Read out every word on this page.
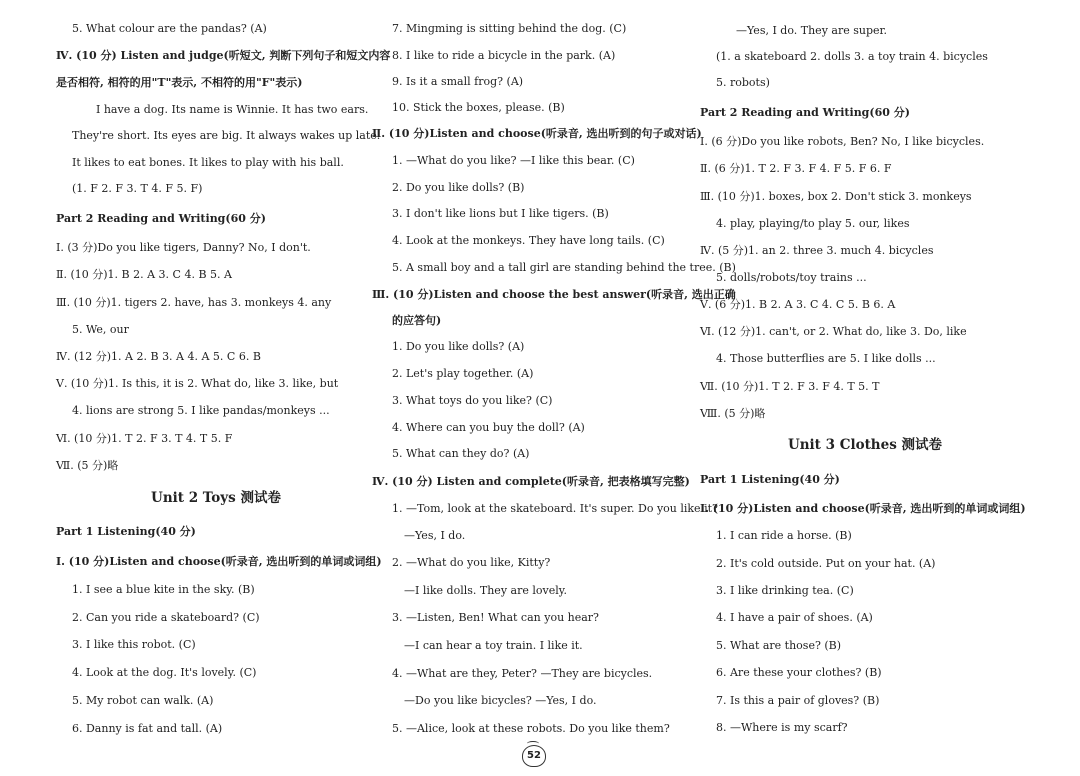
5. What colour are the pandas? (A)
Ⅳ. (10 分) Listen and judge(听短文, 判断下列句子和短文内容
是否相符, 相符的用"T"表示, 不相符的用"F"表示)
I have a dog. Its name is Winnie. It has two ears.
They're short. Its eyes are big. It always wakes up late.
It likes to eat bones. It likes to play with his ball.
(1. F 2. F 3. T 4. F 5. F)
Part 2 Reading and Writing(60 分)
Ⅰ. (3 分)Do you like tigers, Danny? No, I don't.
Ⅱ. (10 分)1. B 2. A 3. C 4. B 5. A
Ⅲ. (10 分)1. tigers 2. have, has 3. monkeys 4. any
5. We, our
Ⅳ. (12 分)1. A 2. B 3. A 4. A 5. C 6. B
Ⅴ. (10 分)1. Is this, it is 2. What do, like 3. like, but
4. lions are strong 5. I like pandas/monkeys ...
Ⅵ. (10 分)1. T 2. F 3. T 4. T 5. F
Ⅶ. (5 分)略
Unit 2 Toys 测试卷
Part 1 Listening(40 分)
Ⅰ. (10 分)Listen and choose(听录音, 选出听到的单词或词组)
1. I see a blue kite in the sky. (B)
2. Can you ride a skateboard? (C)
3. I like this robot. (C)
4. Look at the dog. It's lovely. (C)
5. My robot can walk. (A)
6. Danny is fat and tall. (A)
7. Mingming is sitting behind the dog. (C)
8. I like to ride a bicycle in the park. (A)
9. Is it a small frog? (A)
10. Stick the boxes, please. (B)
Ⅱ. (10 分)Listen and choose(听录音, 选出听到的句子或对话)
1. —What do you like? —I like this bear. (C)
2. Do you like dolls? (B)
3. I don't like lions but I like tigers. (B)
4. Look at the monkeys. They have long tails. (C)
5. A small boy and a tall girl are standing behind the tree. (B)
Ⅲ. (10 分)Listen and choose the best answer(听录音, 选出正确
的应答句)
1. Do you like dolls? (A)
2. Let's play together. (A)
3. What toys do you like? (C)
4. Where can you buy the doll? (A)
5. What can they do? (A)
Ⅳ. (10 分) Listen and complete(听录音, 把表格填写完整)
1. —Tom, look at the skateboard. It's super. Do you like it?
—Yes, I do.
2. —What do you like, Kitty?
—I like dolls. They are lovely.
3. —Listen, Ben! What can you hear?
—I can hear a toy train. I like it.
4. —What are they, Peter? —They are bicycles.
—Do you like bicycles? —Yes, I do.
5. —Alice, look at these robots. Do you like them?
—Yes, I do. They are super.
(1. a skateboard 2. dolls 3. a toy train 4. bicycles
5. robots)
Part 2 Reading and Writing(60 分)
Ⅰ. (6 分)Do you like robots, Ben? No, I like bicycles.
Ⅱ. (6 分)1. T 2. F 3. F 4. F 5. F 6. F
Ⅲ. (10 分)1. boxes, box 2. Don't stick 3. monkeys
4. play, playing/to play 5. our, likes
Ⅳ. (5 分)1. an 2. three 3. much 4. bicycles
5. dolls/robots/toy trains ...
Ⅴ. (6 分)1. B 2. A 3. C 4. C 5. B 6. A
Ⅵ. (12 分)1. can't, or 2. What do, like 3. Do, like
4. Those butterflies are 5. I like dolls ...
Ⅶ. (10 分)1. T 2. F 3. F 4. T 5. T
Ⅷ. (5 分)略
Unit 3 Clothes 测试卷
Part 1 Listening(40 分)
Ⅰ. (10 分)Listen and choose(听录音, 选出听到的单词或词组)
1. I can ride a horse. (B)
2. It's cold outside. Put on your hat. (A)
3. I like drinking tea. (C)
4. I have a pair of shoes. (A)
5. What are those? (B)
6. Are these your clothes? (B)
7. Is this a pair of gloves? (B)
8. —Where is my scarf?
52
